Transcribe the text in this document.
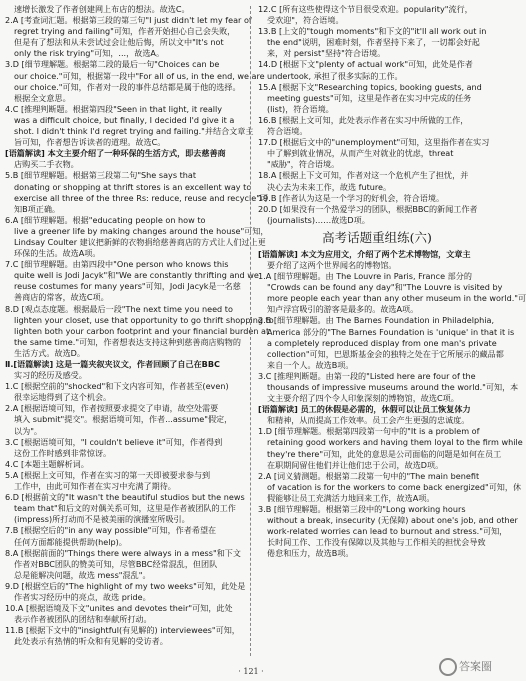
速增长激发了作者创建网上布店的想法。故选C。
2.A [考查词汇题。根据第三段的第三句"I just didn't let my fear of
regret trying and failing"可知，作者开始担心自己会失败，
但是有了想法和从未尝试过会让他后悔，所以文中"It's not
only the risk trying"可知，...，故选A。
3.D [细节理解题。根据第二段的最后一句"Choices can be
our choice."可知，根据第一段中"For all of us, in the end, we are
our choice."可知，作者对一段的事件总结都是属于他的选择。
根据全文意思。
4.C [推理判断题。根据第四段"Seen in that light, it really
was a difficult choice, but finally, I decided I'd give it a
shot. I didn't think I'd regret trying and failing."并结合文章主
旨可知，作者想告诉读者的道理。故选C。
[语篇解读] 本文主要介绍了一种环保的生活方式，即去慈善商
店购买二手衣物。
5.B [细节理解题。根据第三段第二句"She says that
donating or shopping at thrift stores is an excellent way to
exercise all three of the three Rs: reduce, reuse and recycle"可
知B项正确。
6.A [细节理解题。根据"educating people on how to
live a greener life by making changes around the house"可知，
Lindsay Coulter 建议把新鲜的衣物捐给慈善商店的方式让人们过上更
环保的生活。故选A项。
7.C [细节理解题。由第四段中"One person who knows this
quite well is Jodi Jacyk"和"We are constantly thrifting and we
reuse costumes for many years"可知，Jodi Jacyk是一名慈
善商店的常客，故选C项。
8.D [观点态度题。根据最后一段"The next time you need to
lighten your closet, use that opportunity to go thrift shopping to
lighten both your carbon footprint and your financial burden at
the same time."可知，作者想表达支持这种到慈善商店购物的
生活方式。故选D。
Ⅱ.[语篇解读] 这是一篇夹叙夹议文，作者回顾了自己在BBC
实习的经历及感受。
1.C [根据空前的"shocked"和下文内容可知，作者甚至(even)
很幸运地得到了这个机会。
2.A [根据语境可知，作者按照要求提交了申请，故空处需要
填入 submit"提交"。根据语境可知，作者...assume"假定，
以为"。
3.C [根据语境可知，"I couldn't believe it"可知，作者得到
这份工作时感到非常惊讶。
4.C [本题主题解析词。
5.A [根据上文可知，作者在实习的第一天即被要求参与到
工作中，由此可知作者在实习中充满了期待。
6.D [根据前文的"It wasn't the beautiful studios but the news
team that"和后文的对偶关系可知，这里是作者被团队的工作
(impress)所打动而不是被美丽的演播室所吸引。
7.B [根据空后的"in any way possible"可知，作者希望在
任何方面都能提供帮助(help)。
8.A [根据前面的"Things there were always in a mess"和下文
作者对BBC团队的赞美可知，尽管BBC经常混乱，但团队
总是能解决问题，故选 mess"混乱"。
9.D [根据空后的"The highlight of my two weeks"可知，此处是
作者实习经历中的亮点，故选 pride。
10.A [根据语境及下文"unites and devotes their"可知，此处
表示作者被团队的团结和奉献所打动。
11.B [根据下文中的"insightful(有见解的) interviewees"可知，
此处表示有热情的听众和有见解的受访者。
12.C [所有这些使得这个节目很受欢迎。popularity"流行，
受欢迎"，符合语境。
13.B [上文的"tough moments"和下文的"it'll all work out in
the end"说明，困难时刻，作者坚持下来了，一切都会好起
来，对 persist"坚持"符合语境。
14.D [根据下文"plenty of actual work"可知，此处是作者
undertook, 承担了很多实际的工作。
15.A [根据下文"Researching topics, booking guests, and
meeting guests"可知，这里是作者在实习中完成的任务
(list)，符合语境。
16.B [根据上文可知，此处表示作者在实习中所做的工作，
符合语境。
17.D [根据后文中的"unemployment"可知，这里指作者在实习
中了解到就业情况，从而产生对就业的忧虑，threat
"威胁"，符合语境。
18.A [根据上下文可知，作者对这一个危机产生了担忧，并
决心去为未来工作，故选 future。
19.B [作者认为这是一个学习的好机会，符合语境。
20.D [如果没有一个热爱学习的团队，根据BBC的新闻工作者
(journalists)……故选D项。
高考话题重组练(六)
[语篇解读] 本文为应用文，介绍了两个艺术博物馆，文章主
要介绍了这两个世界闻名的博物馆。
1.A [细节理解题。由 The Louvre in Paris, France 部分的
"Crowds can be found any day"和"The Louvre is visited by
more people each year than any other museum in the world."可
知卢浮宫吸引的游客是最多的。故选A项。
2.B [细节理解题。由 The Barnes Foundation in Philadelphia,
America 部分的"The Barnes Foundation is 'unique' in that it is
a completely reproduced display from one man's private
collection"可知，巴恩斯基金会的独特之处在于它所展示的藏品都
来自一个人。故选B项。
3.C [推理判断题。由第一段的"Listed here are four of the
thousands of impressive museums around the world."可知，本
文主要介绍了四个令人印象深刻的博物馆，故选C项。
[语篇解读] 员工的休假是必需的，休假可以让员工恢复体力
和精神，从而提高工作效率。员工会产生更强的忠诚度。
1.D [细节理解题。根据第四段第一句中的"It is a problem of
retaining good workers and having them loyal to the firm while
they're there"可知，此处的意思是公司面临的问题是如何在员工
在职期间留住他们并让他们忠于公司，故选D项。
2.A [词义猜测题。根据第二段第一句中的"The main benefit
of vacation is for the workers to come back energized"可知，休
假能够让员工充满活力地回来工作，故选A项。
3.B [细节理解题。根据第三段中的"Long working hours
without a break, insecurity (无保障) about one's job, and other
work-related worries can lead to burnout and stress."可知，
长时间工作、工作没有保障以及其他与工作相关的担忧会导致
倦怠和压力，故选B项。
· 121 ·	答案圈
